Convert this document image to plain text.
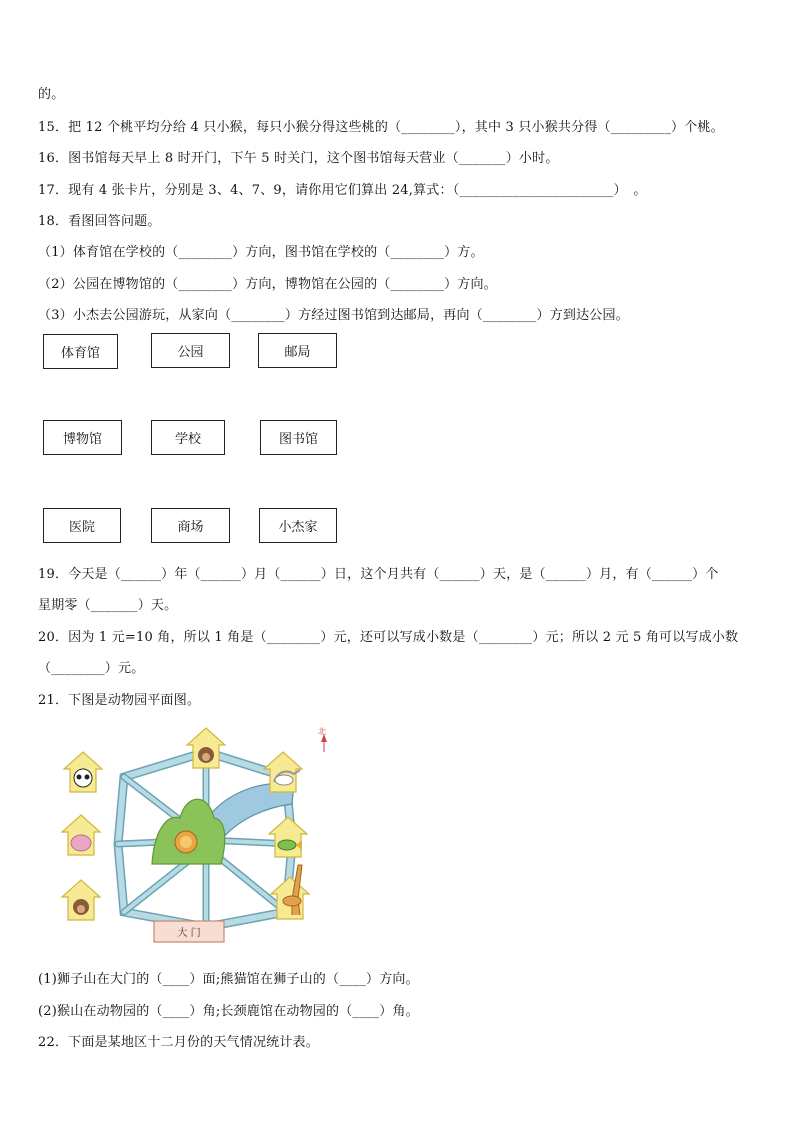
的。
15．把 12 个桃平均分给 4 只小猴，每只小猴分得这些桃的（________），其中 3 只小猴共分得（_________）个桃。
16．图书馆每天早上 8 时开门，下午 5 时关门，这个图书馆每天营业（_______）小时。
17．现有 4 张卡片，分别是 3、4、7、9，请你用它们算出 24,算式：（_______________________）　。
18．看图回答问题。
（1）体育馆在学校的（________）方向，图书馆在学校的（________）方。
（2）公园在博物馆的（________）方向，博物馆在公园的（________）方向。
（3）小杰去公园游玩，从家向（________）方经过图书馆到达邮局，再向（________）方到达公园。
体育馆	公园	邮局
博物馆	学校	图书馆
医院	商场	小杰家
19．今天是（______）年（______）月（______）日，这个月共有（______）天，是（______）月，有（______）个
星期零（_______）天。
20．因为 1 元=10 角，所以 1 角是（________）元，还可以写成小数是（________）元；所以 2 元 5 角可以写成小数
（________）元。
21．下图是动物园平面图。
大 门
北
(1)狮子山在大门的（____）面;熊猫馆在狮子山的（____）方向。
(2)猴山在动物园的（____）角;长颈鹿馆在动物园的（____）角。
22．下面是某地区十二月份的天气情况统计表。
